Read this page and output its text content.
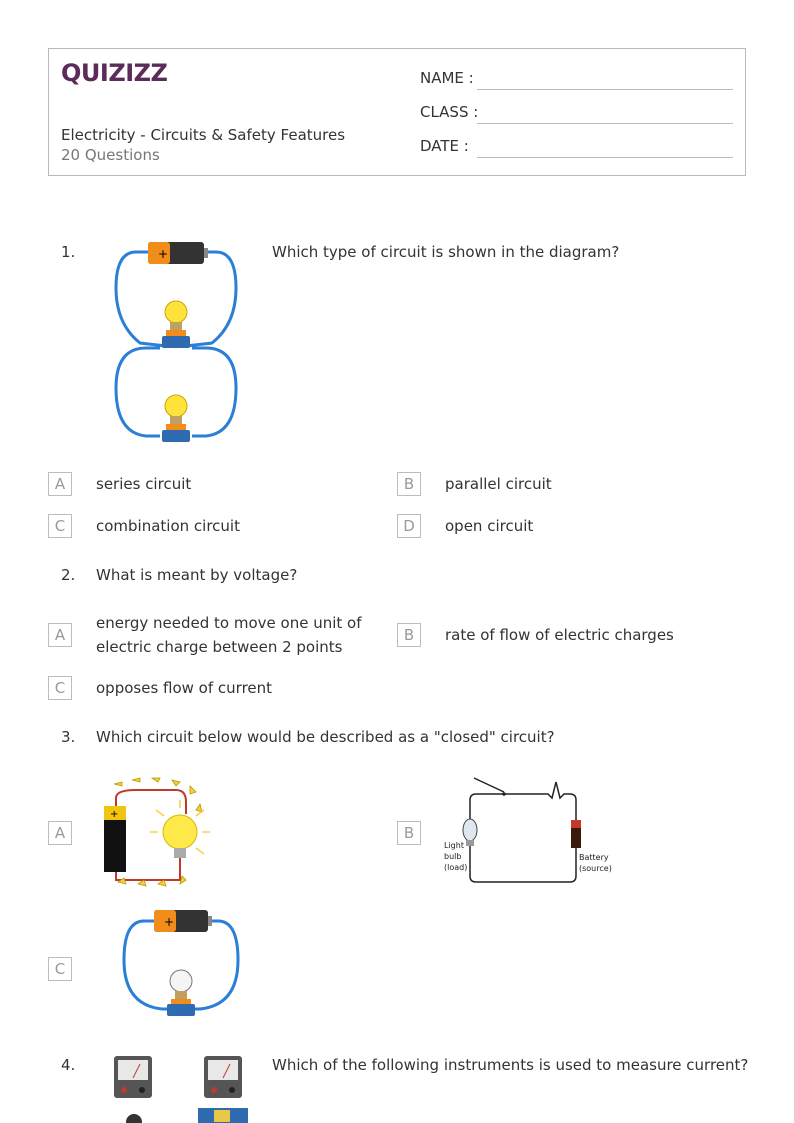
QUIZIZZ
Electricity - Circuits & Safety Features
20 Questions
NAME :
CLASS :
DATE :
1.	Which type of circuit is shown in the diagram?
+
A	series circuit	B	parallel circuit
C	combination circuit	D	open circuit
2. What is meant by voltage?
A
energy needed to move one unit of
electric charge between 2 points
B	rate of flow of electric charges
C	opposes flow of current
3. Which circuit below would be described as a "closed" circuit?
A
+
B
Light
bulb
(load)
Battery
(source)
C
+
4.	Which of the following instruments is used to measure current?
